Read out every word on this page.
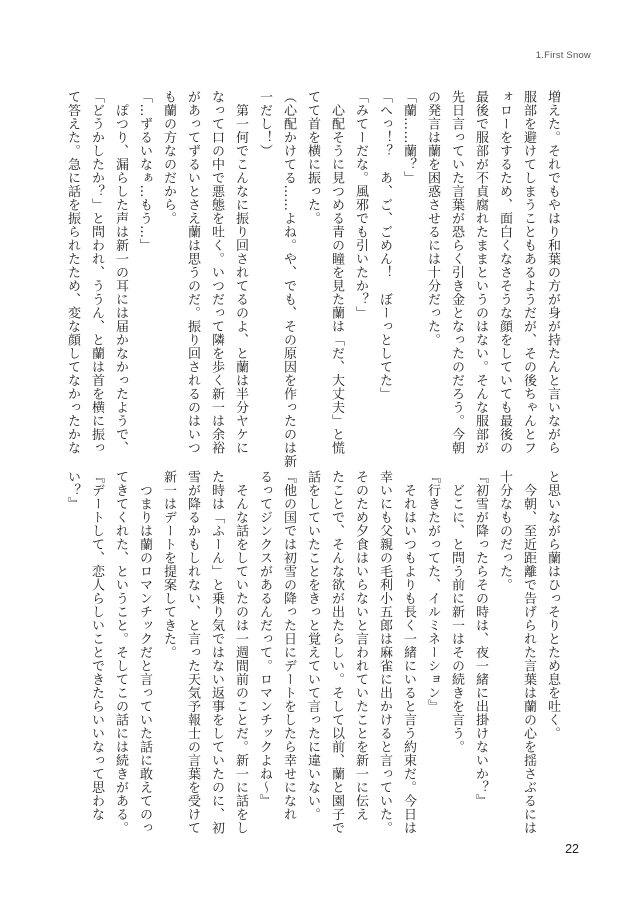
1.First Snow

増えた。それでもやはり和葉の方が身が持たんと言いながら

服部を避けてしまうこともあるようだが、その後ちゃんとフ

ォローをするため、面白くなさそうな顔をしていても最後の

最後で服部が不貞腐れたままというのはない。そんな服部が

先日言っていた言葉が恐らく引き金となったのだろう。今朝

の発言は蘭を困惑させるには十分だった。

「蘭……蘭？」

「へっ！？　あ、ご、ごめん！　ぼーっとしてた」

「みてーだな。風邪でも引いたか？」

　心配そうに見つめる青の瞳を見た蘭は「だ、大丈夫」と慌

てて首を横に振った。

（心配かけてる……よね。や、でも、その原因を作ったのは新

一だし！）

　第一何でこんなに振り回されてるのよ、と蘭は半分ヤケに

なって口の中で悪態を吐く。いつだって隣を歩く新一は余裕

があってずるいとさえ蘭は思うのだ。振り回されるのはいつ

も蘭の方なのだから。

「…ずるいなぁ…もう…」

　ぽつり、漏らした声は新一の耳には届かなかったようで、

「どうかしたか？」と問われ、ううん、と蘭は首を横に振っ

て答えた。急に話を振られたため、変な顔してなかったかな

と思いながら蘭はひっそりとため息を吐く。

　今朝、至近距離で告げられた言葉は蘭の心を揺さぶるには

十分なものだった。

『初雪が降ったらその時は、夜一緒に出掛けないか？』

　どこに、と問う前に新一はその続きを言う。

『行きたがってた、イルミネーション』

　それはいつもよりも長く一緒にいると言う約束だ。今日は

幸いにも父親の毛利小五郎は麻雀に出かけると言っていた。

そのため夕食はいらないと言われていたことを新一に伝え

たことで、そんな欲が出たらしい。そして以前、蘭と園子で

話をしていたことをきっと覚えていて言ったに違いない。

『他の国では初雪の降った日にデートをしたら幸せになれ

るってジンクスがあるんだって。ロマンチックよね～』

　そんな話をしていたのは一週間前のことだ。新一に話をし

た時は「ふーん」と乗り気ではない返事をしていたのに、初

雪が降るかもしれない、と言った天気予報士の言葉を受けて

新一はデートを提案してきた。

　つまりは蘭のロマンチックだと言っていた話に敢えてのっ

てきてくれた、ということ。そしてこの話には続きがある。

『デートして、恋人らしいことできたらいいなって思わな

い？』

22
